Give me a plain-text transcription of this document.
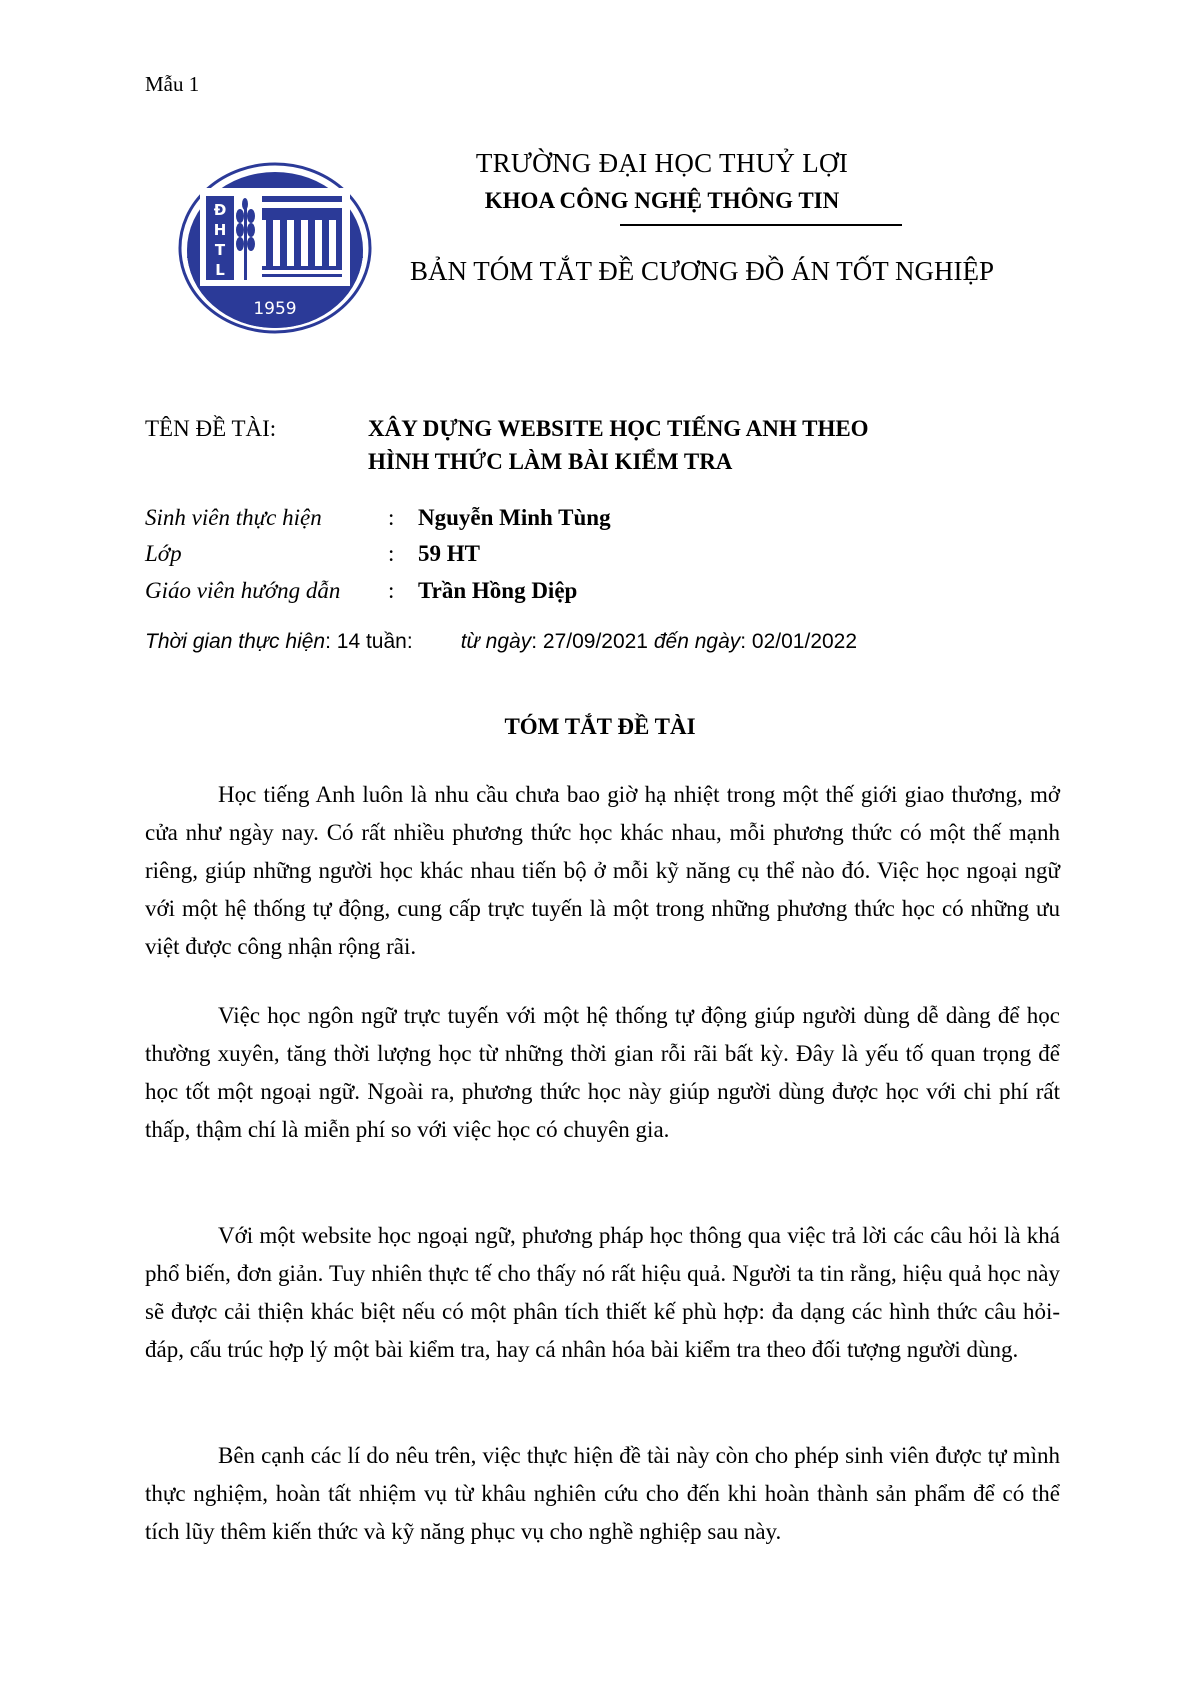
Mẫu 1
Đ
H
T
L
1959
TRƯỜNG ĐẠI HỌC THUỶ LỢI
KHOA CÔNG NGHỆ THÔNG TIN
BẢN TÓM TẮT ĐỀ CƯƠNG ĐỒ ÁN TỐT NGHIỆP
TÊN ĐỀ TÀI:	XÂY DỰNG WEBSITE HỌC TIẾNG ANH THEO
HÌNH THỨC LÀM BÀI KIỂM TRA
Sinh viên thực hiện	: Nguyễn Minh Tùng
Lớp	: 59 HT
Giáo viên hướng dẫn : Trần Hồng Diệp
Thời gian thực hiện: 14 tuần: từ ngày: 27/09/2021 đến ngày: 02/01/2022
TÓM TẮT ĐỀ TÀI

Học tiếng Anh luôn là nhu cầu chưa bao giờ hạ nhiệt trong một thế giới giao thương, mở cửa như ngày nay. Có rất nhiều phương thức học khác nhau, mỗi phương thức có một thế mạnh riêng, giúp những người học khác nhau tiến bộ ở mỗi kỹ năng cụ thể nào đó. Việc học ngoại ngữ với một hệ thống tự động, cung cấp trực tuyến là một trong những phương thức học có những ưu việt được công nhận rộng rãi.

Việc học ngôn ngữ trực tuyến với một hệ thống tự động giúp người dùng dễ dàng để học thường xuyên, tăng thời lượng học từ những thời gian rỗi rãi bất kỳ. Đây là yếu tố quan trọng để học tốt một ngoại ngữ. Ngoài ra, phương thức học này giúp người dùng được học với chi phí rất thấp, thậm chí là miễn phí so với việc học có chuyên gia.

Với một website học ngoại ngữ, phương pháp học thông qua việc trả lời các câu hỏi là khá phổ biến, đơn giản. Tuy nhiên thực tế cho thấy nó rất hiệu quả. Người ta tin rằng, hiệu quả học này sẽ được cải thiện khác biệt nếu có một phân tích thiết kế phù hợp: đa dạng các hình thức câu hỏi-đáp, cấu trúc hợp lý một bài kiểm tra, hay cá nhân hóa bài kiểm tra theo đối tượng người dùng.

Bên cạnh các lí do nêu trên, việc thực hiện đề tài này còn cho phép sinh viên được tự mình thực nghiệm, hoàn tất nhiệm vụ từ khâu nghiên cứu cho đến khi hoàn thành sản phẩm để có thể tích lũy thêm kiến thức và kỹ năng phục vụ cho nghề nghiệp sau này.
